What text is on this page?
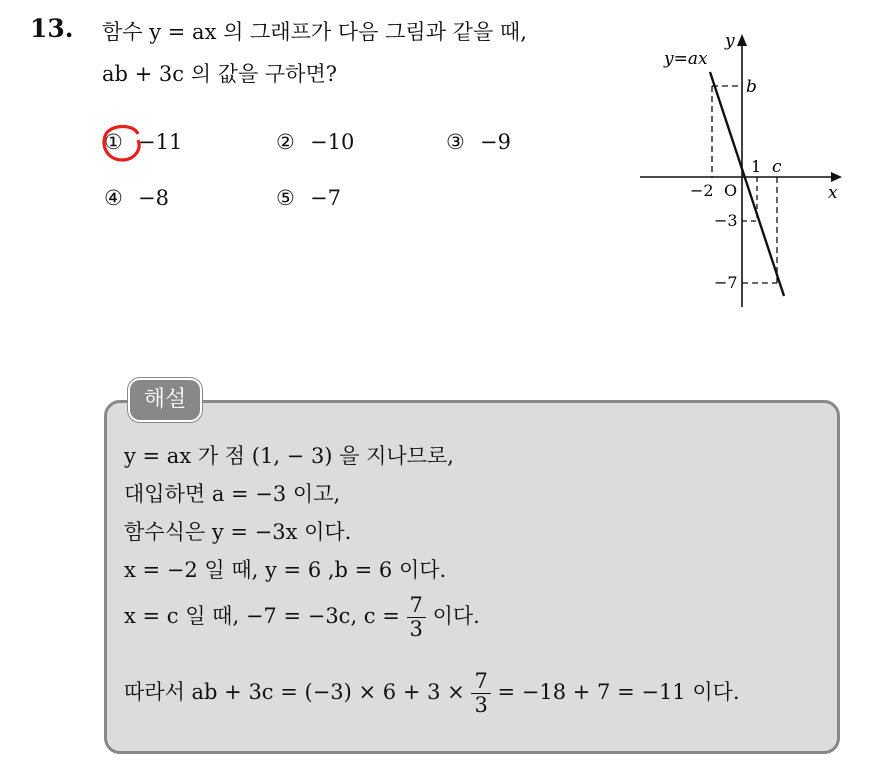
13. 함수 y = ax 의 그래프가 다음 그림과 같을 때,
ab + 3c 의 값을 구하면?
① −11	② −10	③ −9
④ −8	⑤ −7
y=ax
y
x
O
−2
1 c
b
−3
−7
해설
y = ax 가 점 (1, − 3) 을 지나므로,
대입하면 a = −3 이고,
함수식은 y = −3x 이다.
x = −2 일 때, y = 6 ,b = 6 이다.
x = c 일 때, −7 = −3c, $c = \frac{7}{3}$ 이다.
따라서 ab + $3c = (-3) \times 6 + 3 \times \frac{7}{3} = -18 + 7 = -11$ 이다.
